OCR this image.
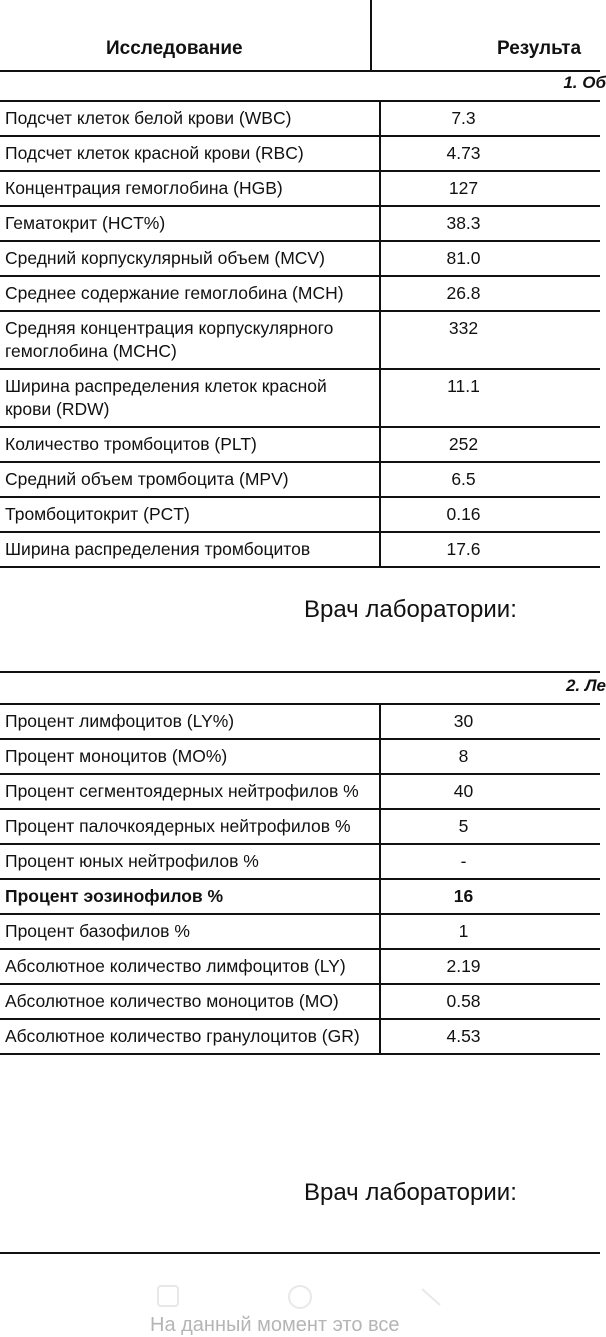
Исследование	Результа
1. Об
Подсчет клеток белой крови (WBC)	7.3
Подсчет клеток красной крови (RBC)	4.73
Концентрация гемоглобина (HGB)	127
Гематокрит (HCT%)	38.3
Средний корпускулярный объем (MCV)	81.0
Среднее содержание гемоглобина (MCH)	26.8
Средняя концентрация корпускулярного гемоглобина (MCHC)	332
Ширина распределения клеток красной крови (RDW)	11.1
Количество тромбоцитов (PLT)	252
Средний объем тромбоцита (MPV)	6.5
Тромбоцитокрит (PCT)	0.16
Ширина распределения тромбоцитов	17.6
Врач лаборатории:
2. Ле
Процент лимфоцитов (LY%)	30
Процент моноцитов (MO%)	8
Процент сегментоядерных нейтрофилов %	40
Процент палочкоядерных нейтрофилов %	5
Процент юных нейтрофилов %	-
Процент эозинофилов %	16
Процент базофилов %	1
Абсолютное количество лимфоцитов (LY)	2.19
Абсолютное количество моноцитов (MO)	0.58
Абсолютное количество гранулоцитов (GR)	4.53
Врач лаборатории:
На данный момент это все
